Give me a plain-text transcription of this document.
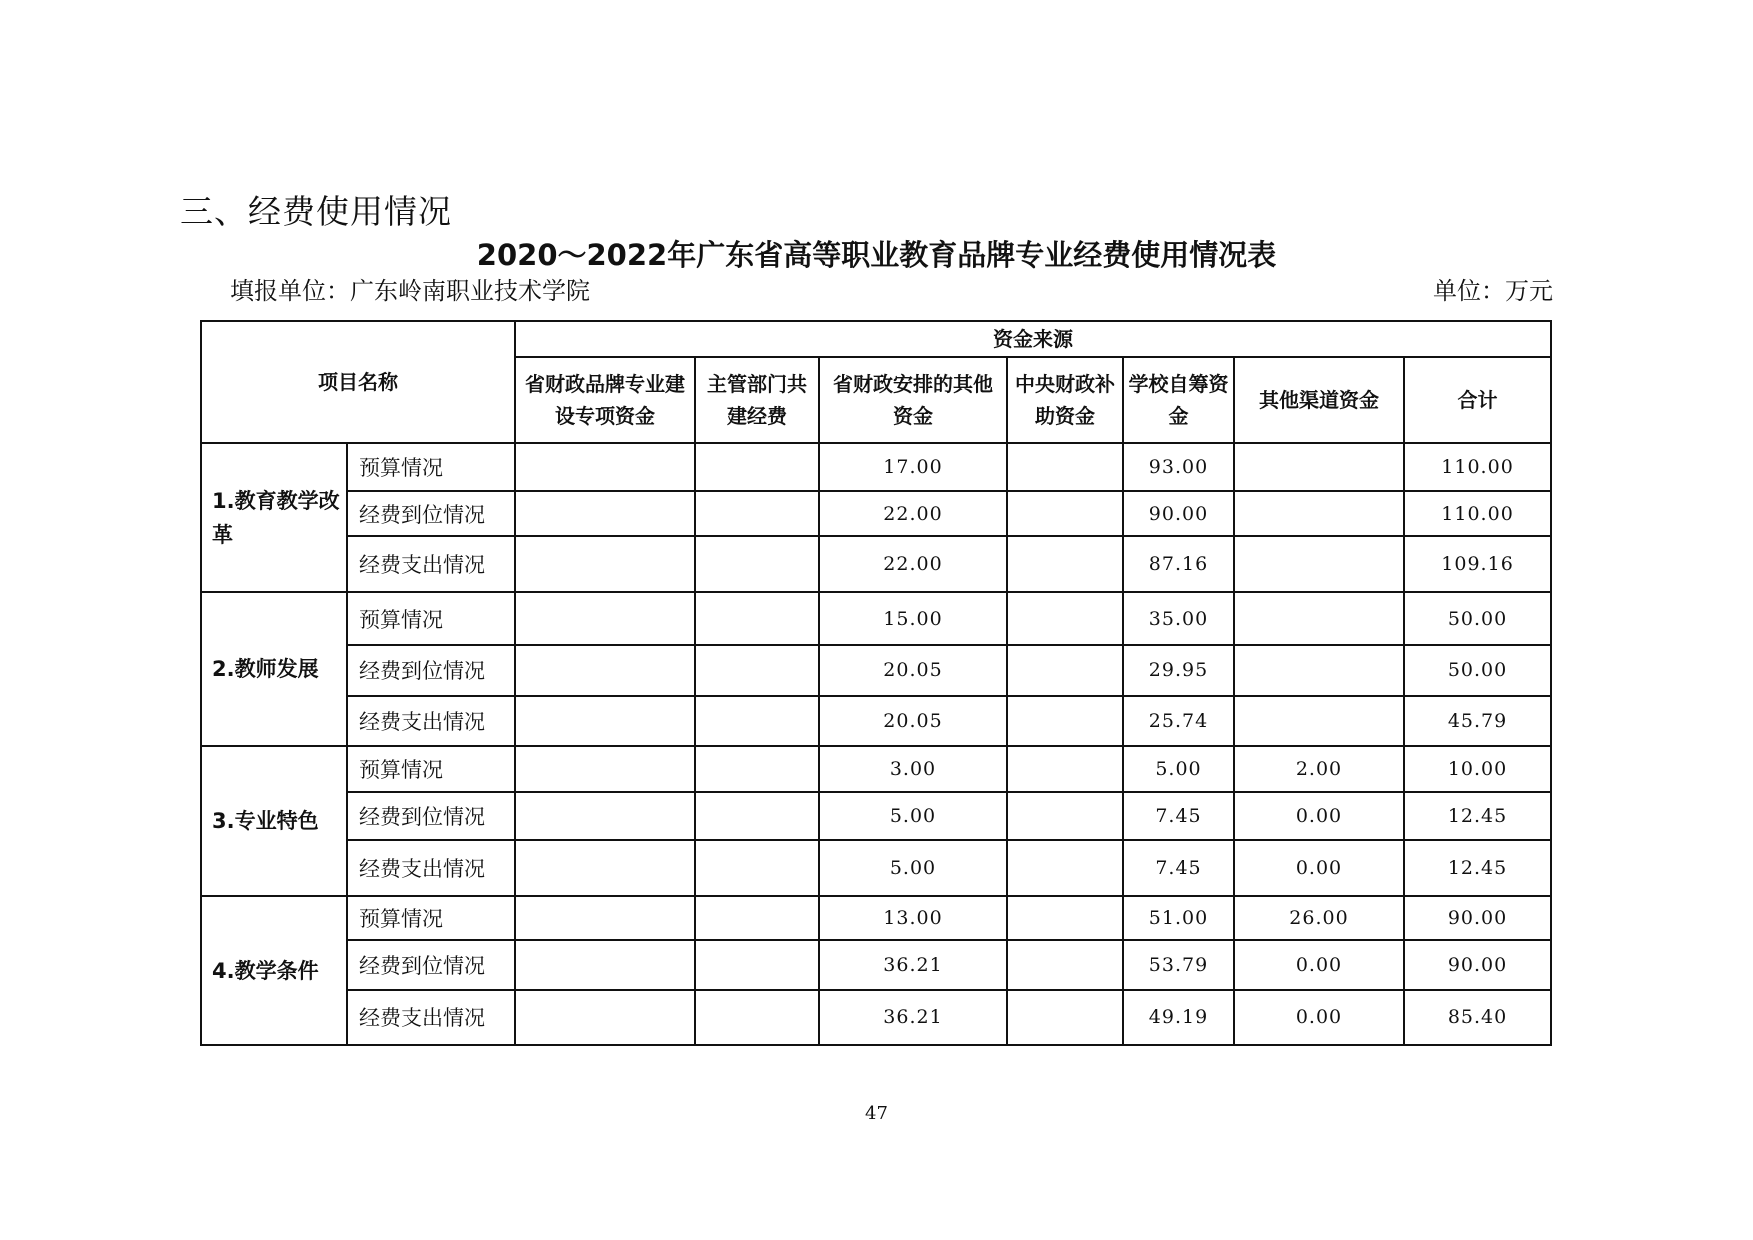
三、经费使用情况
2020～2022年广东省高等职业教育品牌专业经费使用情况表
填报单位：广东岭南职业技术学院	单位：万元
项目名称		资金来源						
		省财政品牌专业建设专项资金	主管部门共建经费	省财政安排的其他资金	中央财政补助资金	学校自筹资金	其他渠道资金	合计
1.教育教学改革	预算情况			17.00		93.00		110.00
	经费到位情况			22.00		90.00		110.00
	经费支出情况			22.00		87.16		109.16
2.教师发展	预算情况			15.00		35.00		50.00
	经费到位情况			20.05		29.95		50.00
	经费支出情况			20.05		25.74		45.79
3.专业特色	预算情况			3.00		5.00	2.00	10.00
	经费到位情况			5.00		7.45	0.00	12.45
	经费支出情况			5.00		7.45	0.00	12.45
4.教学条件	预算情况			13.00		51.00	26.00	90.00
	经费到位情况			36.21		53.79	0.00	90.00
	经费支出情况			36.21		49.19	0.00	85.40
47
